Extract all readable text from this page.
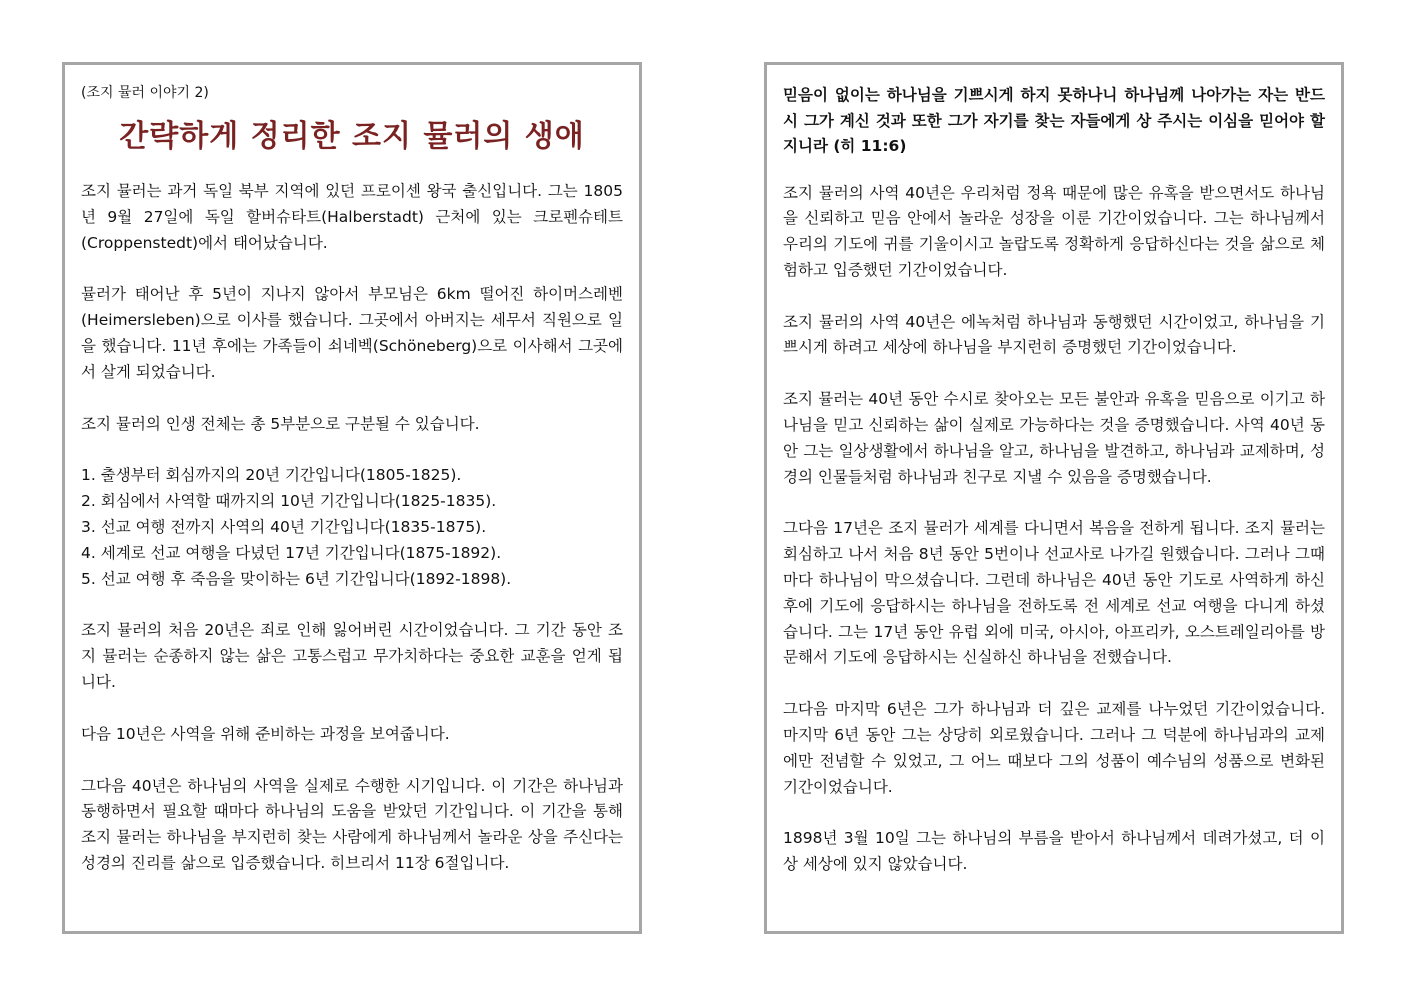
(조지 뮬러 이야기 2)
간략하게 정리한 조지 뮬러의 생애

조지 뮬러는 과거 독일 북부 지역에 있던 프로이센 왕국 출신입니다. 그는 1805년 9월 27일에 독일 할버슈타트(Halberstadt) 근처에 있는 크로펜슈테트(Croppenstedt)에서 태어났습니다.

뮬러가 태어난 후 5년이 지나지 않아서 부모님은 6km 떨어진 하이머스레벤(Heimersleben)으로 이사를 했습니다. 그곳에서 아버지는 세무서 직원으로 일을 했습니다. 11년 후에는 가족들이 쇠네벡(Schöneberg)으로 이사해서 그곳에서 살게 되었습니다.

조지 뮬러의 인생 전체는 총 5부분으로 구분될 수 있습니다.

1. 출생부터 회심까지의 20년 기간입니다(1805-1825).
2. 회심에서 사역할 때까지의 10년 기간입니다(1825-1835).
3. 선교 여행 전까지 사역의 40년 기간입니다(1835-1875).
4. 세계로 선교 여행을 다녔던 17년 기간입니다(1875-1892).
5. 선교 여행 후 죽음을 맞이하는 6년 기간입니다(1892-1898).

조지 뮬러의 처음 20년은 죄로 인해 잃어버린 시간이었습니다. 그 기간 동안 조지 뮬러는 순종하지 않는 삶은 고통스럽고 무가치하다는 중요한 교훈을 얻게 됩니다.

다음 10년은 사역을 위해 준비하는 과정을 보여줍니다.

그다음 40년은 하나님의 사역을 실제로 수행한 시기입니다. 이 기간은 하나님과 동행하면서 필요할 때마다 하나님의 도움을 받았던 기간입니다. 이 기간을 통해 조지 뮬러는 하나님을 부지런히 찾는 사람에게 하나님께서 놀라운 상을 주신다는 성경의 진리를 삶으로 입증했습니다. 히브리서 11장 6절입니다.

믿음이 없이는 하나님을 기쁘시게 하지 못하나니 하나님께 나아가는 자는 반드시 그가 계신 것과 또한 그가 자기를 찾는 자들에게 상 주시는 이심을 믿어야 할지니라 (히 11:6)

조지 뮬러의 사역 40년은 우리처럼 정욕 때문에 많은 유혹을 받으면서도 하나님을 신뢰하고 믿음 안에서 놀라운 성장을 이룬 기간이었습니다. 그는 하나님께서 우리의 기도에 귀를 기울이시고 놀랍도록 정확하게 응답하신다는 것을 삶으로 체험하고 입증했던 기간이었습니다.

조지 뮬러의 사역 40년은 에녹처럼 하나님과 동행했던 시간이었고, 하나님을 기쁘시게 하려고 세상에 하나님을 부지런히 증명했던 기간이었습니다.

조지 뮬러는 40년 동안 수시로 찾아오는 모든 불안과 유혹을 믿음으로 이기고 하나님을 믿고 신뢰하는 삶이 실제로 가능하다는 것을 증명했습니다. 사역 40년 동안 그는 일상생활에서 하나님을 알고, 하나님을 발견하고, 하나님과 교제하며, 성경의 인물들처럼 하나님과 친구로 지낼 수 있음을 증명했습니다.

그다음 17년은 조지 뮬러가 세계를 다니면서 복음을 전하게 됩니다. 조지 뮬러는 회심하고 나서 처음 8년 동안 5번이나 선교사로 나가길 원했습니다. 그러나 그때마다 하나님이 막으셨습니다. 그런데 하나님은 40년 동안 기도로 사역하게 하신 후에 기도에 응답하시는 하나님을 전하도록 전 세계로 선교 여행을 다니게 하셨습니다. 그는 17년 동안 유럽 외에 미국, 아시아, 아프리카, 오스트레일리아를 방문해서 기도에 응답하시는 신실하신 하나님을 전했습니다.

그다음 마지막 6년은 그가 하나님과 더 깊은 교제를 나누었던 기간이었습니다. 마지막 6년 동안 그는 상당히 외로웠습니다. 그러나 그 덕분에 하나님과의 교제에만 전념할 수 있었고, 그 어느 때보다 그의 성품이 예수님의 성품으로 변화된 기간이었습니다.

1898년 3월 10일 그는 하나님의 부름을 받아서 하나님께서 데려가셨고, 더 이상 세상에 있지 않았습니다.
